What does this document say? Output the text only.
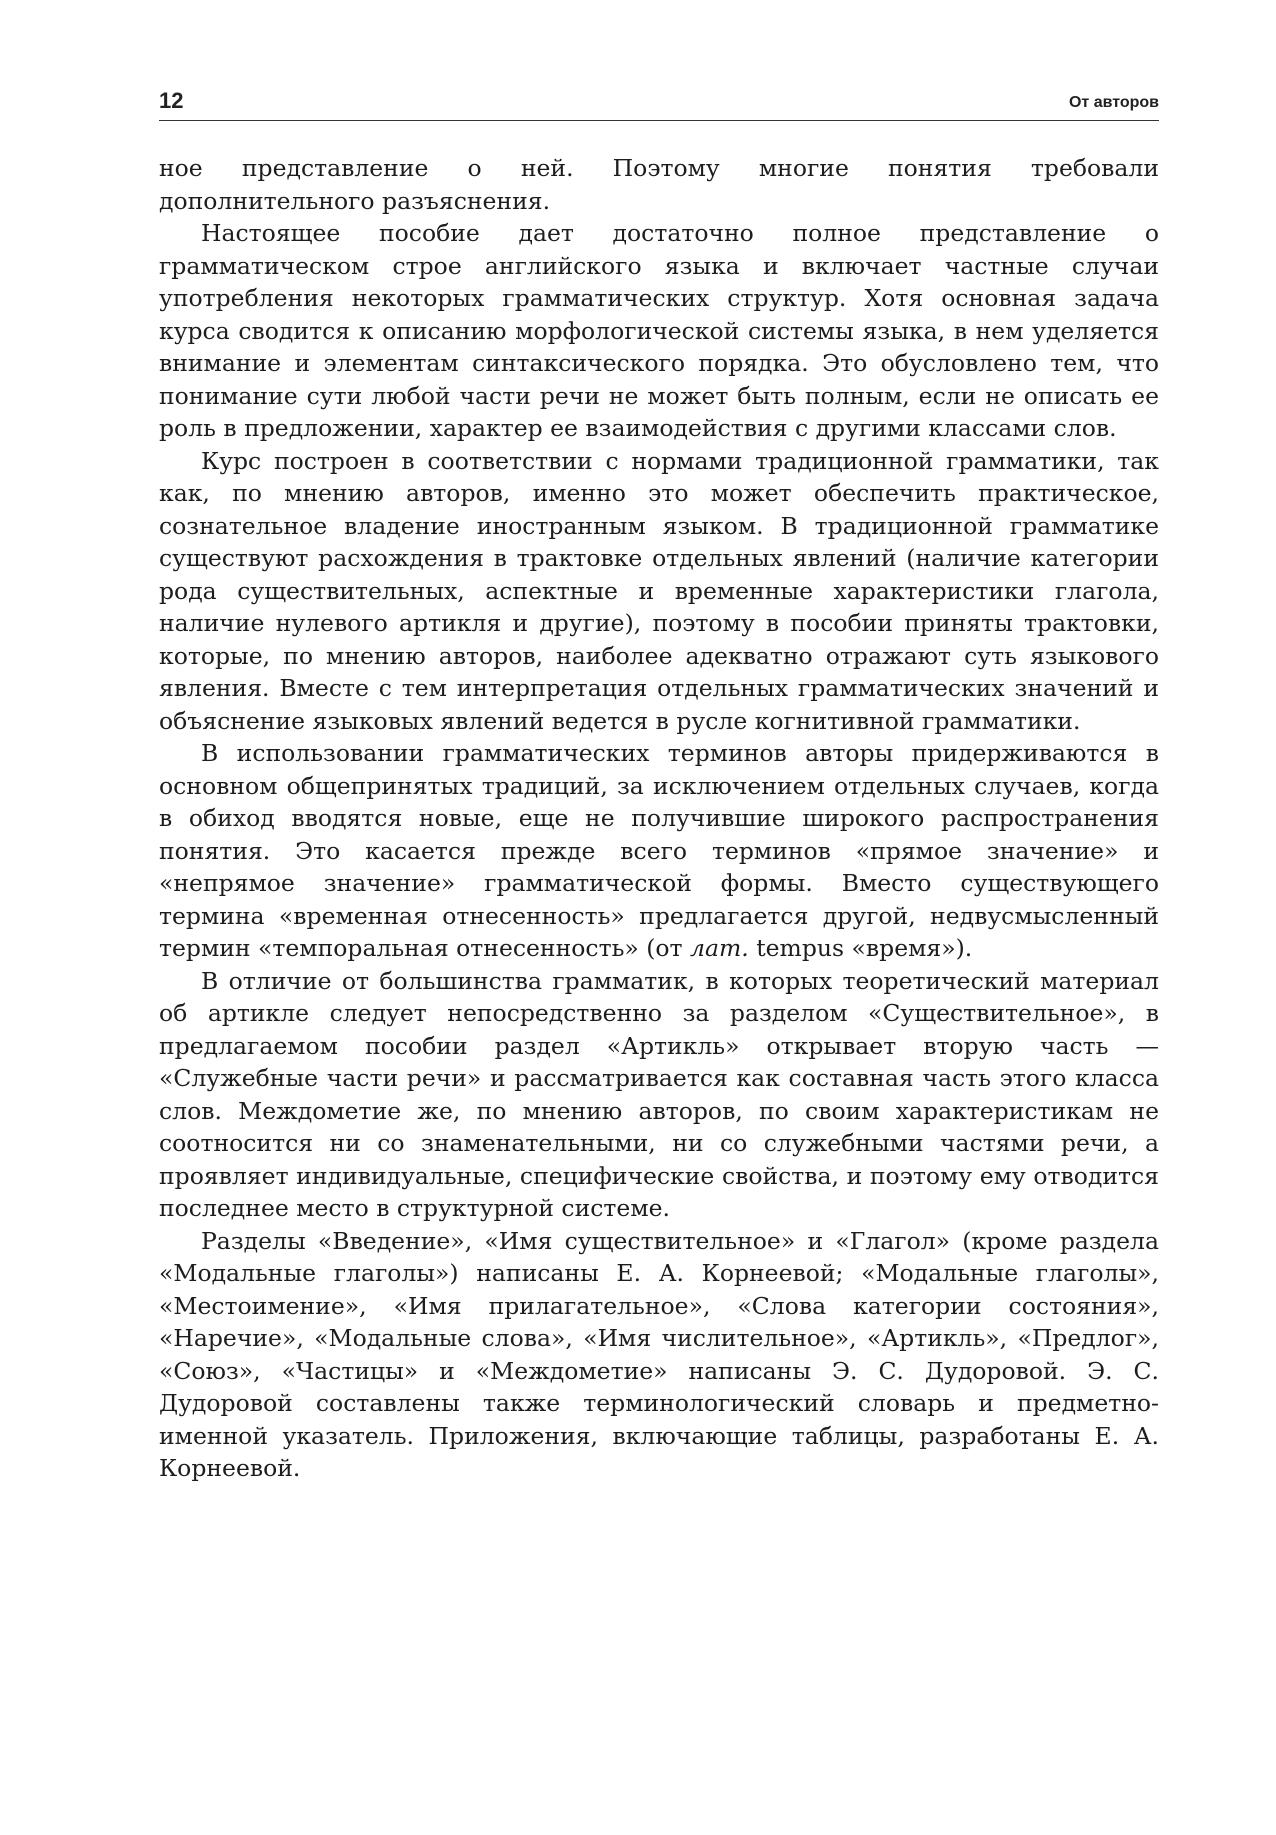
12	От авторов

ное представление о ней. Поэтому многие понятия требовали дополнительного разъяснения.

Настоящее пособие дает достаточно полное представление о грамматическом строе английского языка и включает частные случаи употребления некоторых грамматических структур. Хотя основная задача курса сводится к описанию морфологической системы языка, в нем уделяется внимание и элементам синтаксического порядка. Это обусловлено тем, что понимание сути любой части речи не может быть полным, если не описать ее роль в предложении, характер ее взаимодействия с другими классами слов.

Курс построен в соответствии с нормами традиционной грамматики, так как, по мнению авторов, именно это может обеспечить практическое, сознательное владение иностранным языком. В традиционной грамматике существуют расхождения в трактовке отдельных явлений (наличие категории рода существительных, аспектные и временные характеристики глагола, наличие нулевого артикля и другие), поэтому в пособии приняты трактовки, которые, по мнению авторов, наиболее адекватно отражают суть языкового явления. Вместе с тем интерпретация отдельных грамматических значений и объяснение языковых явлений ведется в русле когнитивной грамматики.

В использовании грамматических терминов авторы придерживаются в основном общепринятых традиций, за исключением отдельных случаев, когда в обиход вводятся новые, еще не получившие широкого распространения понятия. Это касается прежде всего терминов «прямое значение» и «непрямое значение» грамматической формы. Вместо существующего термина «временная отнесенность» предлагается другой, недвусмысленный термин «темпоральная отнесенность» (от лат. tempus «время»).

В отличие от большинства грамматик, в которых теоретический материал об артикле следует непосредственно за разделом «Существительное», в предлагаемом пособии раздел «Артикль» открывает вторую часть — «Служебные части речи» и рассматривается как составная часть этого класса слов. Междометие же, по мнению авторов, по своим характеристикам не соотносится ни со знаменательными, ни со служебными частями речи, а проявляет индивидуальные, специфические свойства, и поэтому ему отводится последнее место в структурной системе.

Разделы «Введение», «Имя существительное» и «Глагол» (кроме раздела «Модальные глаголы») написаны Е. А. Корнеевой; «Модальные глаголы», «Местоимение», «Имя прилагательное», «Слова категории состояния», «Наречие», «Модальные слова», «Имя числительное», «Артикль», «Предлог», «Союз», «Частицы» и «Междометие» написаны Э. С. Дудоровой. Э. С. Дудоровой составлены также терминологический словарь и предметно-именной указатель. Приложения, включающие таблицы, разработаны Е. А. Корнеевой.
